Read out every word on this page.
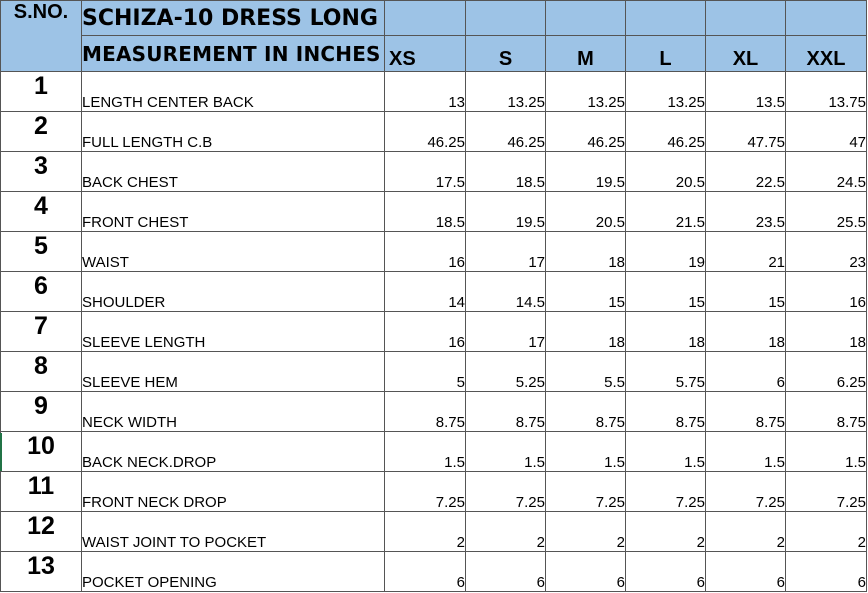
S.NO.	SCHIZA-10 DRESS LONG						
	MEASUREMENT IN INCHES	XS	S	M	L	XL	XXL
1	LENGTH CENTER BACK	13	13.25	13.25	13.25	13.5	13.75
2	FULL LENGTH C.B	46.25	46.25	46.25	46.25	47.75	47
3	BACK CHEST	17.5	18.5	19.5	20.5	22.5	24.5
4	FRONT CHEST	18.5	19.5	20.5	21.5	23.5	25.5
5	WAIST	16	17	18	19	21	23
6	SHOULDER	14	14.5	15	15	15	16
7	SLEEVE LENGTH	16	17	18	18	18	18
8	SLEEVE HEM	5	5.25	5.5	5.75	6	6.25
9	NECK WIDTH	8.75	8.75	8.75	8.75	8.75	8.75
10	BACK NECK.DROP	1.5	1.5	1.5	1.5	1.5	1.5
11	FRONT NECK DROP	7.25	7.25	7.25	7.25	7.25	7.25
12	WAIST JOINT TO POCKET	2	2	2	2	2	2
13	POCKET OPENING	6	6	6	6	6	6
